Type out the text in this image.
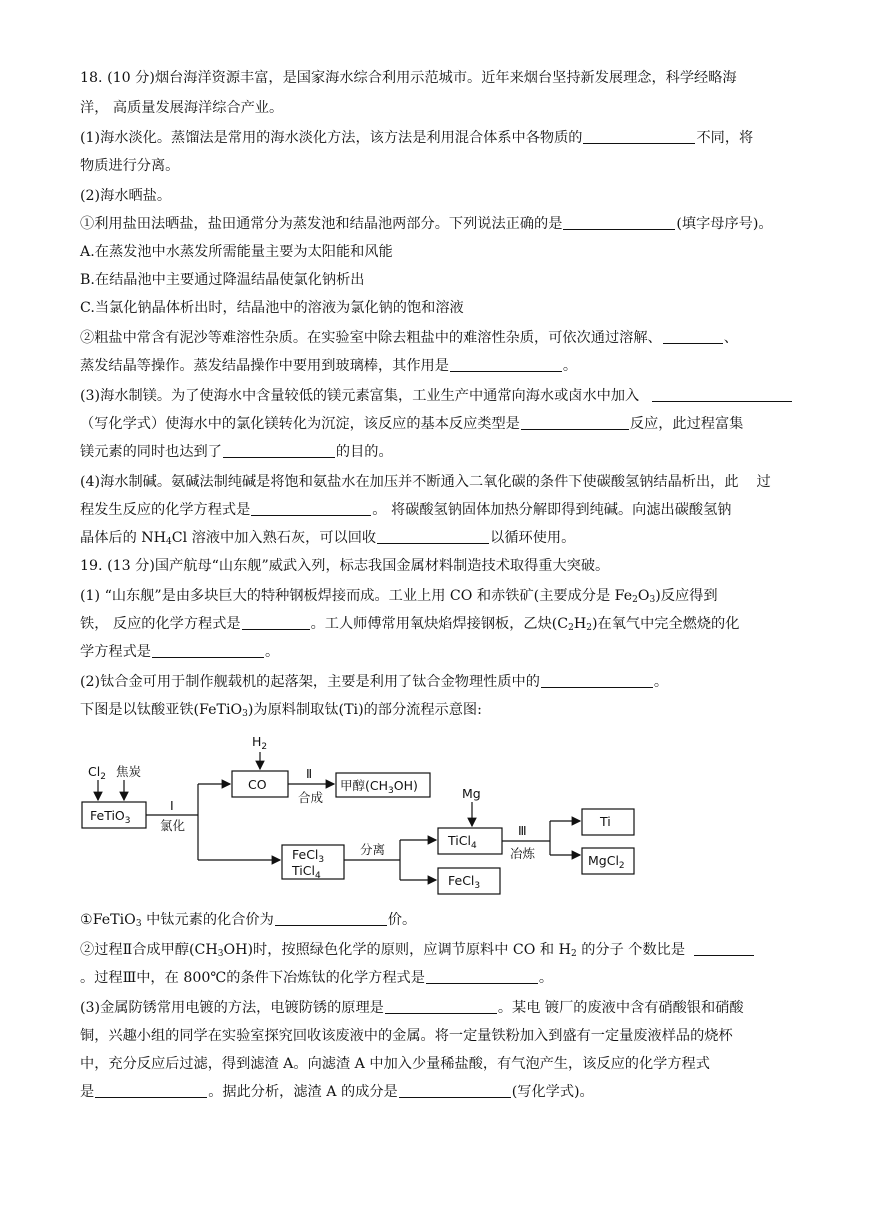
18. (10 分)烟台海洋资源丰富，是国家海水综合利用示范城市。近年来烟台坚持新发展理念，科学经略海
洋， 高质量发展海洋综合产业。
(1)海水淡化。蒸馏法是常用的海水淡化方法，该方法是利用混合体系中各物质的	不同，将
物质进行分离。
(2)海水晒盐。
①利用盐田法晒盐，盐田通常分为蒸发池和结晶池两部分。下列说法正确的是	(填字母序号)。
A.在蒸发池中水蒸发所需能量主要为太阳能和风能
B.在结晶池中主要通过降温结晶使氯化钠析出
C.当氯化钠晶体析出时，结晶池中的溶液为氯化钠的饱和溶液
②粗盐中常含有泥沙等难溶性杂质。在实验室中除去粗盐中的难溶性杂质，可依次通过溶解、	、
蒸发结晶等操作。蒸发结晶操作中要用到玻璃棒，其作用是	。
(3)海水制镁。为了使海水中含量较低的镁元素富集，工业生产中通常向海水或卤水中加入
（写化学式）使海水中的氯化镁转化为沉淀，该反应的基本反应类型是	反应，此过程富集
镁元素的同时也达到了	的目的。
(4)海水制碱。氨碱法制纯碱是将饱和氨盐水在加压并不断通入二氧化碳的条件下使碳酸氢钠结晶析出，此 过
程发生反应的化学方程式是	。 将碳酸氢钠固体加热分解即得到纯碱。向滤出碳酸氢钠
晶体后的 $NH_4Cl$ 溶液中加入熟石灰，可以回收	以循环使用。
19. (13 分)国产航母“山东舰”威武入列，标志我国金属材料制造技术取得重大突破。
(1) “山东舰”是由多块巨大的特种钢板焊接而成。工业上用 CO 和赤铁矿(主要成分是 $Fe_2O_3$)反应得到
铁， 反应的化学方程式是	。工人师傅常用氧炔焰焊接钢板，乙炔$(C_2H_2)$在氧气中完全燃烧的化
学方程式是	。
(2)钛合金可用于制作舰载机的起落架，主要是利用了钛合金物理性质中的	。
下图是以钛酸亚铁(FeTiO$_3$)为原料制取钛(Ti)的部分流程示意图:
$Cl_2$ 焦炭
FeTiO$_3$
Ⅰ
氯化
$H_2$
CO
Ⅱ
合成
甲醇$(CH_3OH)$
FeCl$_3$
TiCl$_4$
分离
Mg
TiCl$_4$
FeCl$_3$
Ⅲ
冶炼
Ti
MgCl$_2$
①FeTiO$_3$ 中钛元素的化合价为	价。
②过程Ⅱ合成甲醇$(CH_3OH)$时，按照绿色化学的原则，应调节原料中 CO 和 $H_2$ 的分子 个数比是
。过程Ⅲ中，在 800℃的条件下冶炼钛的化学方程式是	。
(3)金属防锈常用电镀的方法，电镀防锈的原理是	。某电 镀厂的废液中含有硝酸银和硝酸
铜，兴趣小组的同学在实验室探究回收该废液中的金属。将一定量铁粉加入到盛有一定量废液样品的烧杯
中，充分反应后过滤，得到滤渣 A。向滤渣 A 中加入少量稀盐酸，有气泡产生，该反应的化学方程式
是	。据此分析，滤渣 A 的成分是	(写化学式)。
